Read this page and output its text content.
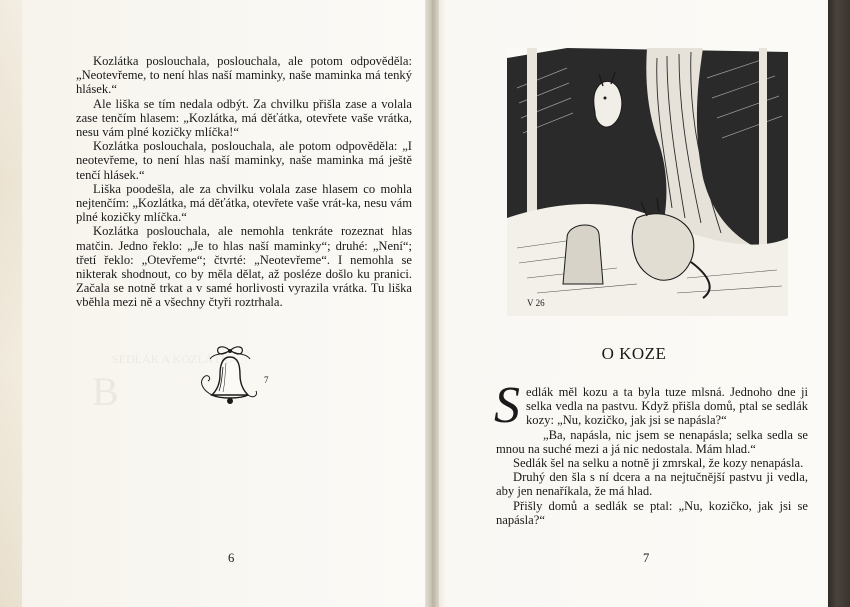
Kozlátka poslouchala, poslouchala, ale potom odpověděla: „Neotevřeme, to není hlas naší maminky, naše maminka má tenký hlásek.“

Ale liška se tím nedala odbýt. Za chvilku přišla zase a volala zase tenčím hlasem: „Kozlátka, má děťátka, otevřete vaše vrátka, nesu vám plné kozičky mlíčka!“

Kozlátka poslouchala, poslouchala, ale potom odpověděla: „I neotevřeme, to není hlas naší maminky, naše maminka má ještě tenčí hlásek.“

Liška poodešla, ale za chvilku volala zase hlasem co mohla nejtenčím: „Kozlátka, má děťátka, otevřete vaše vrát-ka, nesu vám plné kozičky mlíčka.“

Kozlátka poslouchala, ale nemohla tenkráte rozeznat hlas matčin. Jedno řeklo: „Je to hlas naší maminky“; druhé: „Není“; třetí řeklo: „Otevřeme“; čtvrté: „Neotevřeme“. I nemohla se nikterak shodnout, co by měla dělat, až posléze došlo ku pranici. Začala se notně trkat a v samé horlivosti vyrazila vrátka. Tu liška vběhla mezi ně a všechny čtyři roztrhala.

7
SEDLÁK A KOZLÁTKA
B
6
V 26
O KOZE

Sedlák měl kozu a ta byla tuze mlsná. Jednoho dne ji selka vedla na pastvu. Když přišla domů, ptal se sedlák kozy: „Nu, kozičko, jak jsi se napásla?“

„Ba, napásla, nic jsem se nenapásla; selka sedla se mnou na suché mezi a já nic nedostala. Mám hlad.“

Sedlák šel na selku a notně ji zmrskal, že kozy nenapásla.

Druhý den šla s ní dcera a na nejtučnější pastvu ji vedla, aby jen nenaříkala, že má hlad.

Přišly domů a sedlák se ptal: „Nu, kozičko, jak jsi se napásla?“

7
